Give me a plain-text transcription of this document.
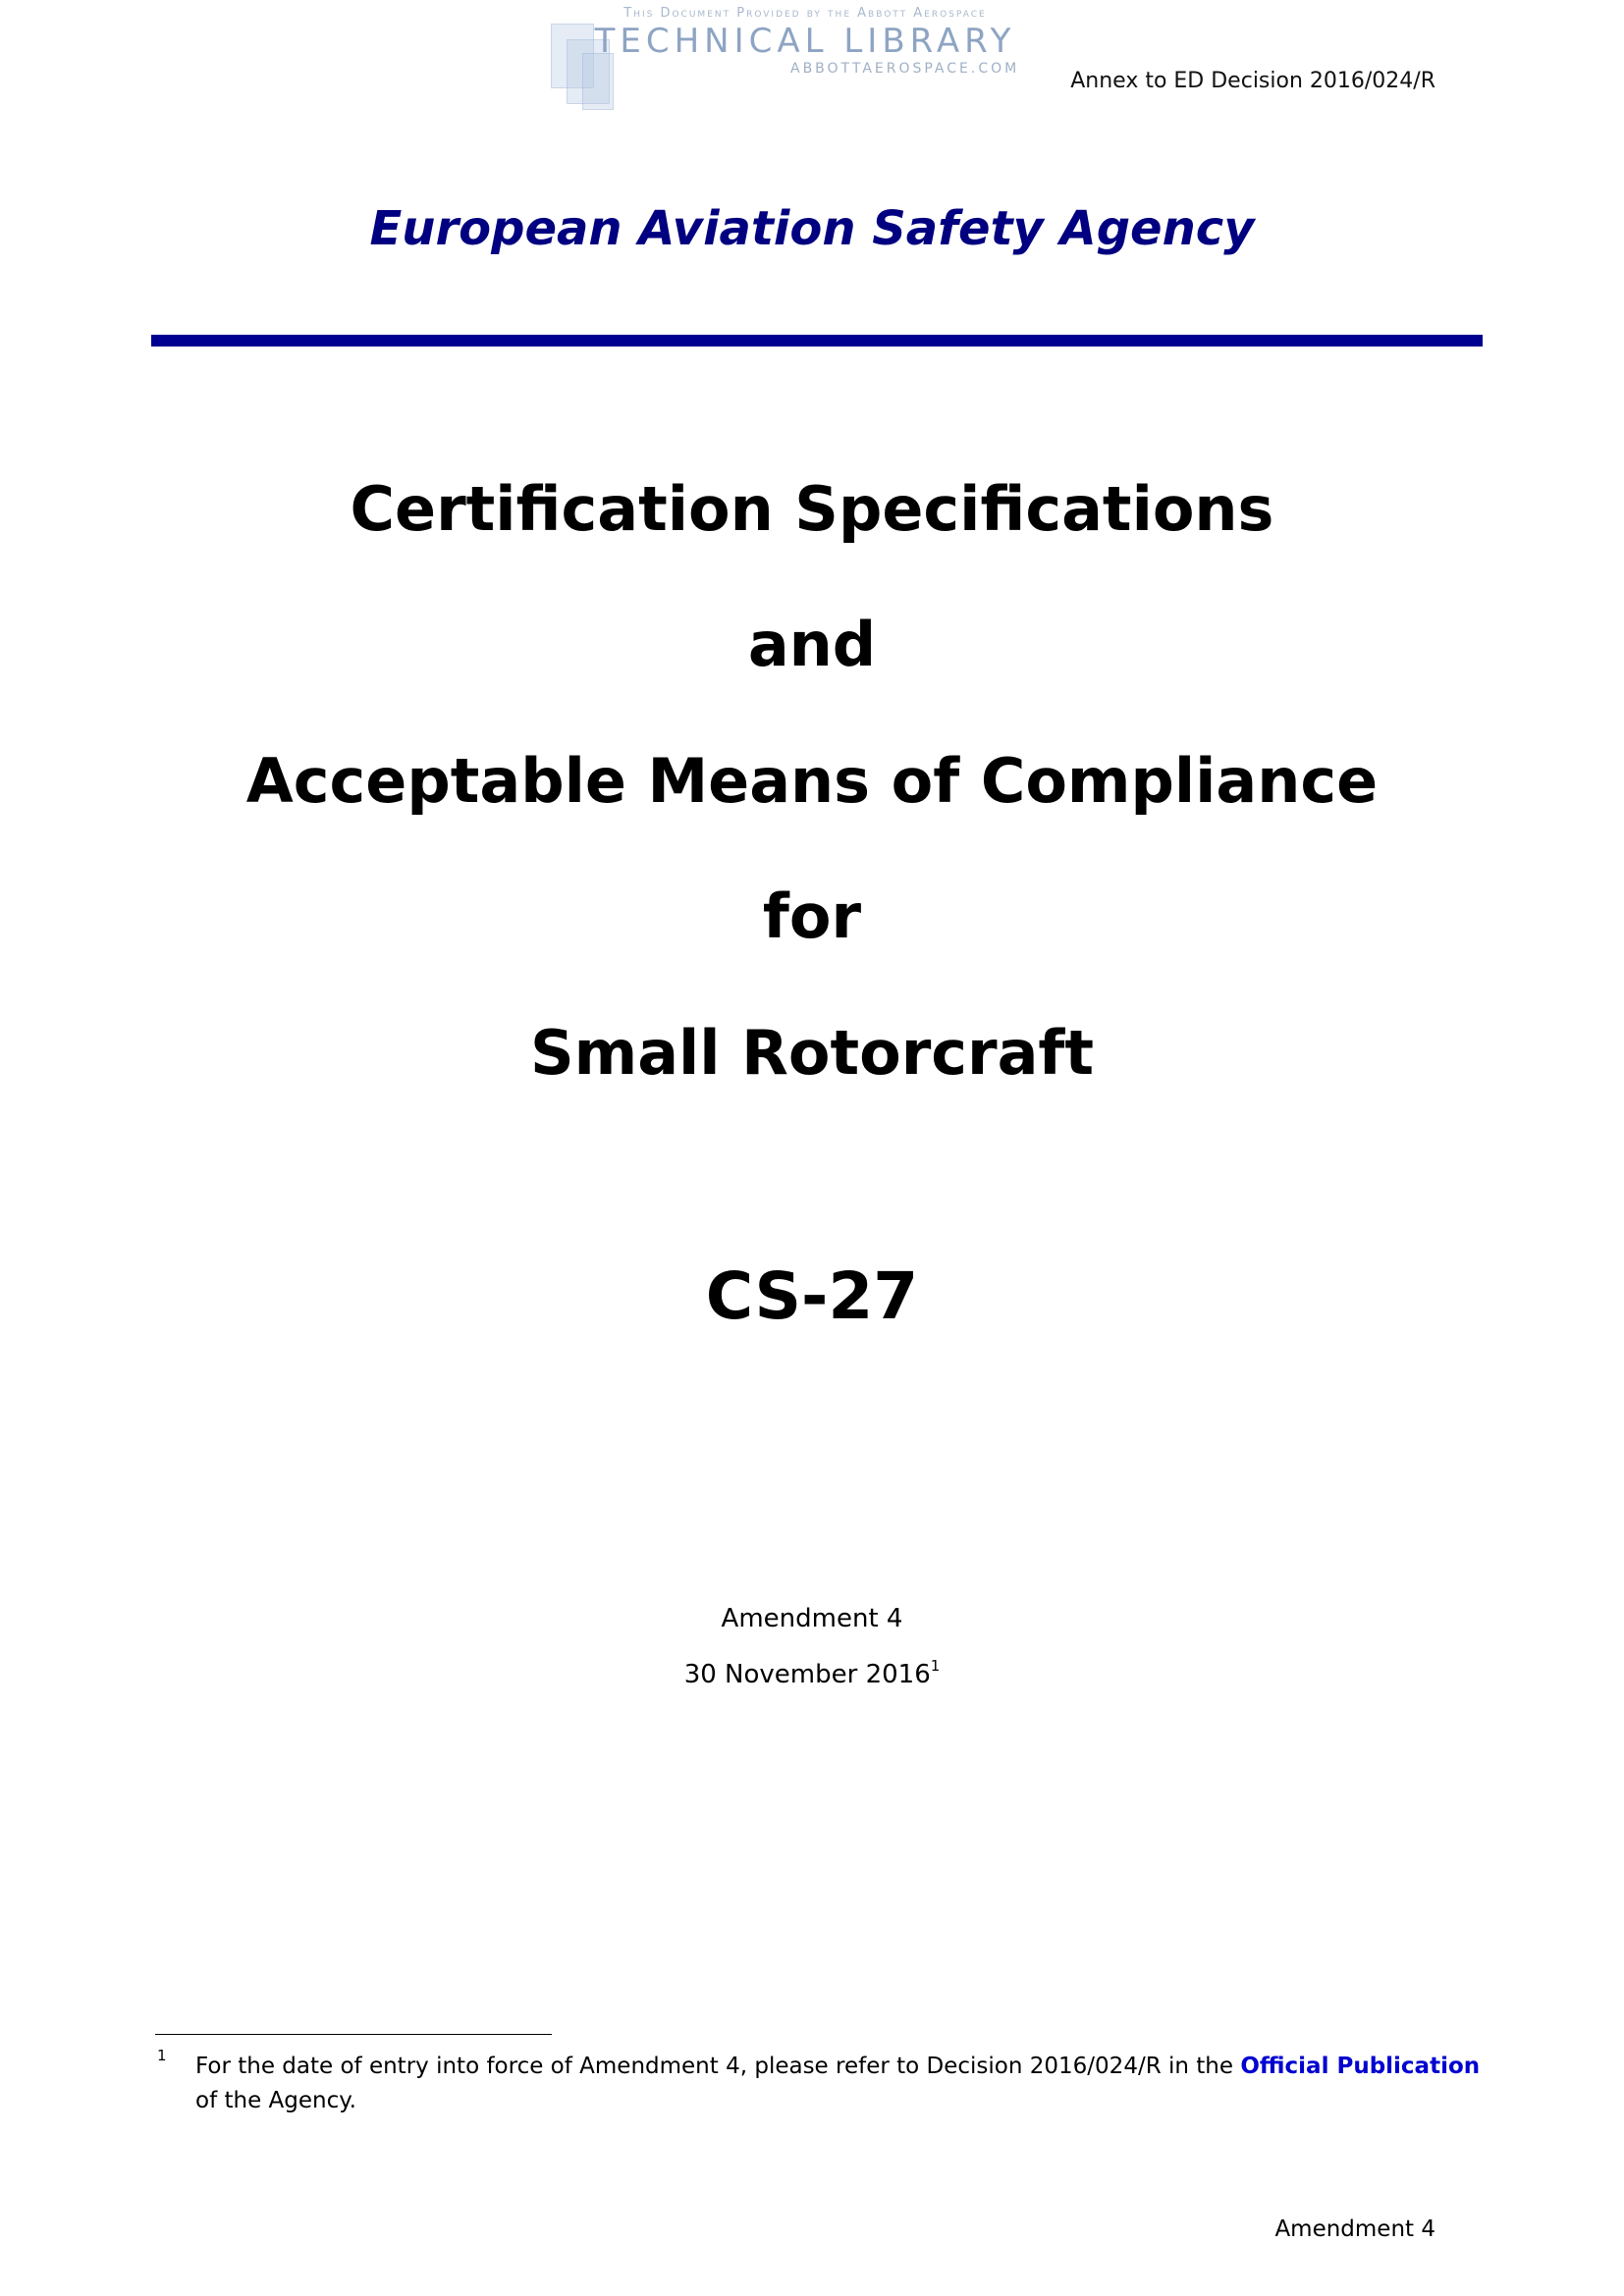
This Document Provided by the Abbott Aerospace
TECHNICAL LIBRARY
ABBOTTAEROSPACE.COM Annex to ED Decision 2016/024/R
European Aviation Safety Agency
Certification Specifications
and
Acceptable Means of Compliance
for
Small Rotorcraft
CS-27
Amendment 4
30 November 2016$^1$
1 For the date of entry into force of Amendment 4, please refer to Decision 2016/024/R in the Official Publication of the Agency.
Amendment 4
